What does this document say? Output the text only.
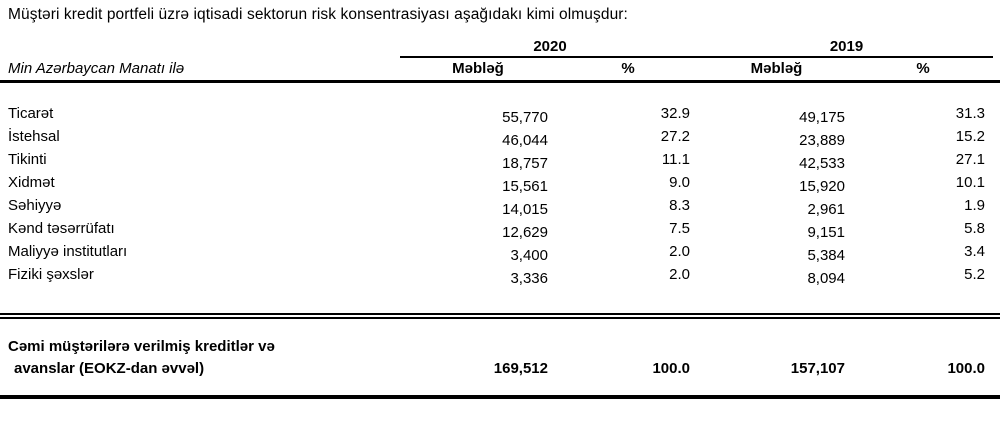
Müştəri kredit portfeli üzrə iqtisadi sektorun risk konsentrasiyası aşağıdakı kimi olmuşdur:
2020	2019
Min Azərbaycan Manatı ilə	Məbləğ	%	Məbləğ	%
Ticarət	55,770	32.9	49,175	31.3
İstehsal	46,044	27.2	23,889	15.2
Tikinti	18,757	11.1	42,533	27.1
Xidmət	15,561	9.0	15,920	10.1
Səhiyyə	14,015	8.3	2,961	1.9
Kənd təsərrüfatı	12,629	7.5	9,151	5.8
Maliyyə institutları	3,400	2.0	5,384	3.4
Fiziki şəxslər	3,336	2.0	8,094	5.2
Cəmi müştərilərə verilmiş kreditlər və
avanslar (EOKZ-dan əvvəl)	169,512	100.0	157,107	100.0
